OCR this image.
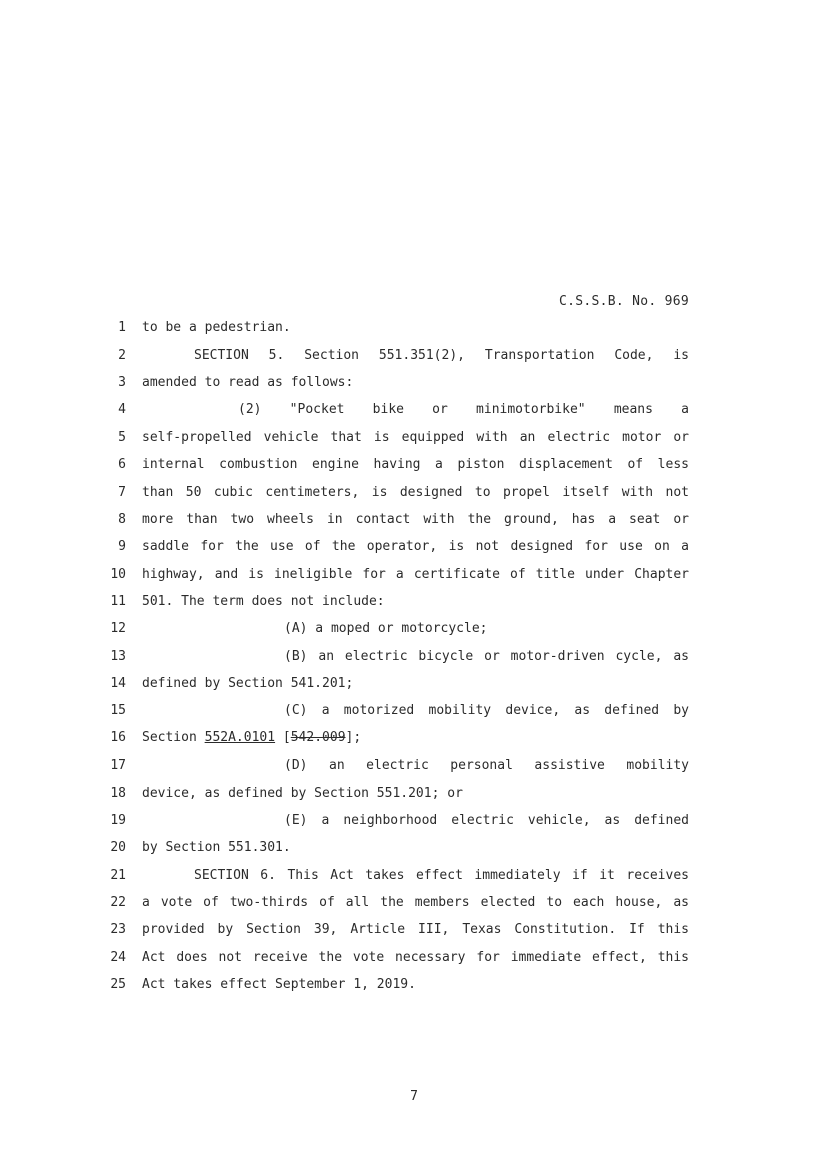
C.S.S.B. No. 969
1 to be a pedestrian.
2	SECTION 5. Section 551.351(2), Transportation Code, is
3 amended to read as follows:
4	(2) "Pocket bike or minimotorbike" means a
5 self-propelled vehicle that is equipped with an electric motor or
6 internal combustion engine having a piston displacement of less
7 than 50 cubic centimeters, is designed to propel itself with not
8 more than two wheels in contact with the ground, has a seat or
9 saddle for the use of the operator, is not designed for use on a
10 highway, and is ineligible for a certificate of title under Chapter
11 501. The term does not include:
12	(A) a moped or motorcycle;
13	(B) an electric bicycle or motor-driven cycle, as
14 defined by Section 541.201;
15	(C) a motorized mobility device, as defined by
16 Section 552A.0101 [542.009];
17	(D) an electric personal assistive mobility
18 device, as defined by Section 551.201; or
19	(E) a neighborhood electric vehicle, as defined
20 by Section 551.301.
21	SECTION 6. This Act takes effect immediately if it receives
22 a vote of two-thirds of all the members elected to each house, as
23 provided by Section 39, Article III, Texas Constitution. If this
24 Act does not receive the vote necessary for immediate effect, this
25 Act takes effect September 1, 2019.
7
